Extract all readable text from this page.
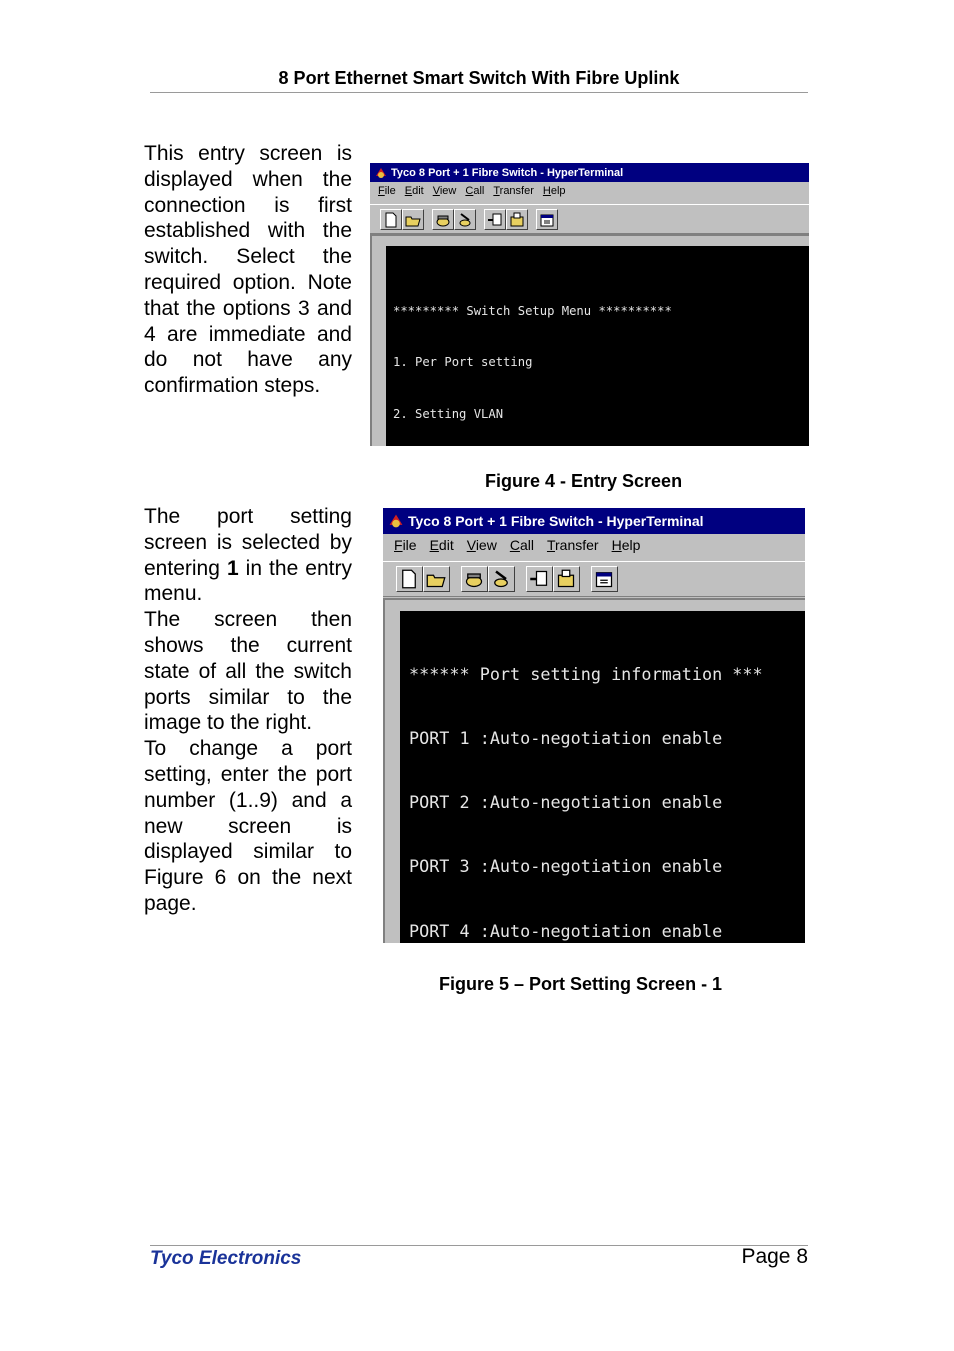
8 Port Ethernet Smart Switch With Fibre Uplink

This entry screen is displayed when the connection is first established with the switch. Select the required option. Note that the options 3 and 4 are immediate and do not have any confirmation steps.

Tyco 8 Port + 1 Fibre Switch - HyperTerminal
File Edit View Call Transfer Help

********* Switch Setup Menu **********

1. Per Port setting

2. Setting VLAN

Figure 4 - Entry Screen

The port setting screen is selected by entering 1 in the entry menu.

The screen then shows the current state of all the switch ports similar to the image to the right.

To change a port setting, enter the port number (1..9) and a new screen is displayed similar to Figure 6 on the next page.

Tyco 8 Port + 1 Fibre Switch - HyperTerminal
File Edit View Call Transfer Help

****** Port setting information ***

PORT 1 :Auto-negotiation enable

PORT 2 :Auto-negotiation enable

PORT 3 :Auto-negotiation enable

PORT 4 :Auto-negotiation enable

Figure 5 – Port Setting Screen - 1
Tyco Electronics	Page 8
